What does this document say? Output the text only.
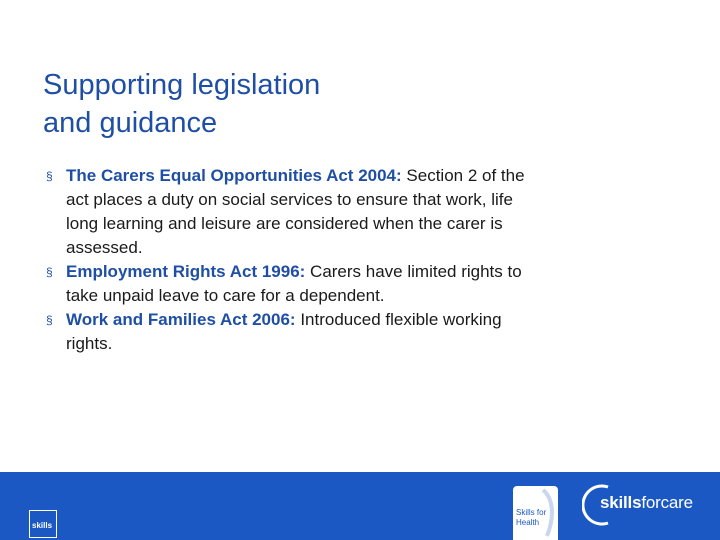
Supporting legislation
and guidance
§ The Carers Equal Opportunities Act 2004: Section 2 of the act places a duty on social services to ensure that work, life long learning and leisure are considered when the carer is assessed.
§ Employment Rights Act 1996: Carers have limited rights to take unpaid leave to care for a dependent.
§ Work and Families Act 2006: Introduced flexible working rights.
skills
Skills for
Health
skillsforcare
